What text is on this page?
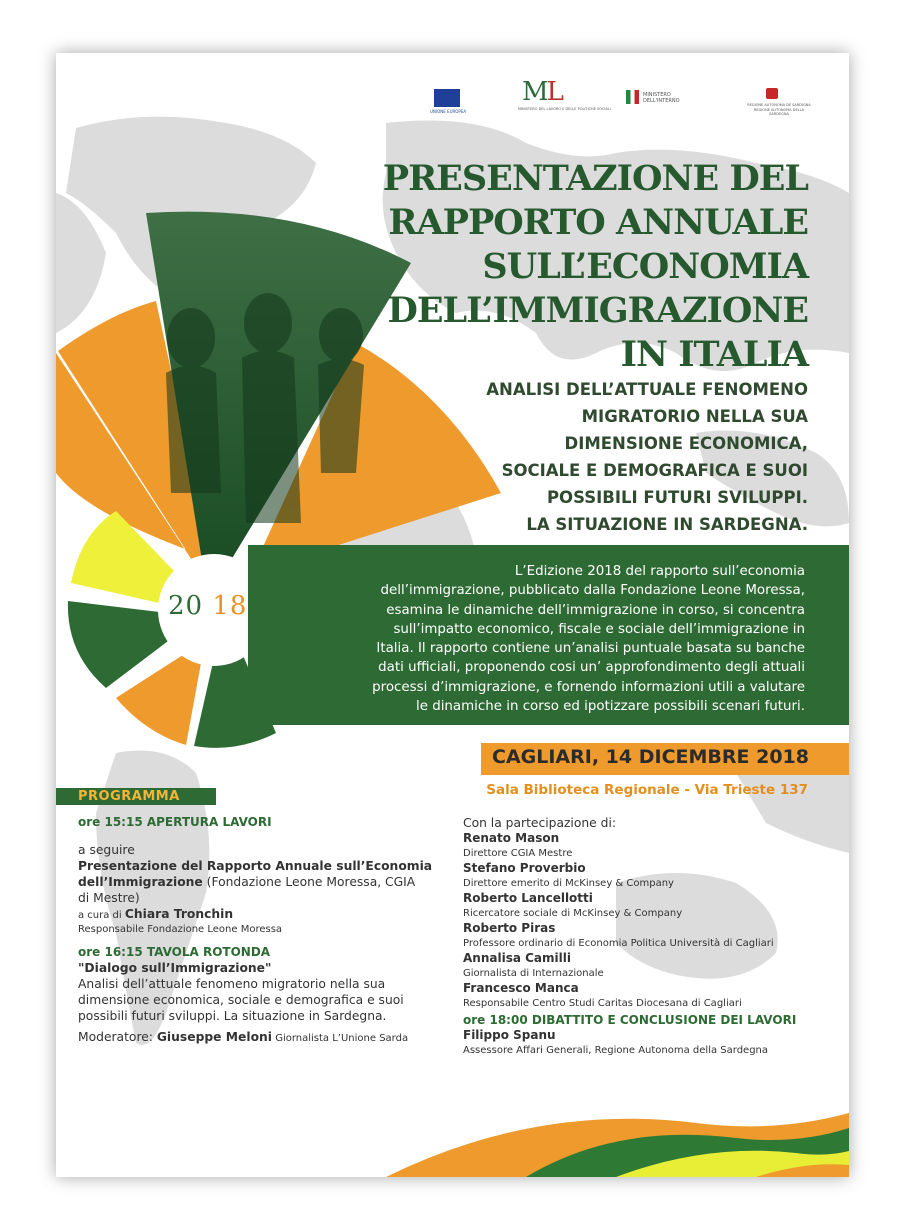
UNIONE EUROPEA
ML
MINISTERO DEL LAVORO E DELLE POLITICHE SOCIALI
MINISTERO DELL'INTERNO
REGIONE AUTONOMA DE SARDIGNA REGIONE AUTONOMA DELLA SARDEGNA
20 18
PRESENTAZIONE DEL
RAPPORTO ANNUALE
SULL’ECONOMIA
DELL’IMMIGRAZIONE
IN ITALIA
ANALISI DELL’ATTUALE FENOMENO
MIGRATORIO NELLA SUA
DIMENSIONE ECONOMICA,
SOCIALE E DEMOGRAFICA E SUOI
POSSIBILI FUTURI SVILUPPI.
LA SITUAZIONE IN SARDEGNA.
L’Edizione 2018 del rapporto sull’economia
dell’immigrazione, pubblicato dalla Fondazione Leone Moressa,
esamina le dinamiche dell’immigrazione in corso, si concentra
sull’impatto economico, fiscale e sociale dell’immigrazione in
Italia. Il rapporto contiene un’analisi puntuale basata su banche
dati ufficiali, proponendo cosi un’ approfondimento degli attuali
processi d’immigrazione, e fornendo informazioni utili a valutare
le dinamiche in corso ed ipotizzare possibili scenari futuri.
CAGLIARI, 14 DICEMBRE 2018
Sala Biblioteca Regionale - Via Trieste 137
PROGRAMMA
ore 15:15 APERTURA LAVORI
a seguire
Presentazione del Rapporto Annuale sull’Economia
dell’Immigrazione (Fondazione Leone Moressa, CGIA
di Mestre)
a cura di Chiara Tronchin
Responsabile Fondazione Leone Moressa
ore 16:15 TAVOLA ROTONDA
"Dialogo sull’Immigrazione"
Analisi dell’attuale fenomeno migratorio nella sua
dimensione economica, sociale e demografica e suoi
possibili futuri sviluppi. La situazione in Sardegna.
Moderatore: Giuseppe Meloni Giornalista L’Unione Sarda
Con la partecipazione di:
Renato Mason
Direttore CGIA Mestre
Stefano Proverbio
Direttore emerito di McKinsey & Company
Roberto Lancellotti
Ricercatore sociale di McKinsey & Company
Roberto Piras
Professore ordinario di Economia Politica Università di Cagliari
Annalisa Camilli
Giornalista di Internazionale
Francesco Manca
Responsabile Centro Studi Caritas Diocesana di Cagliari
ore 18:00 DIBATTITO E CONCLUSIONE DEI LAVORI
Filippo Spanu
Assessore Affari Generali, Regione Autonoma della Sardegna
